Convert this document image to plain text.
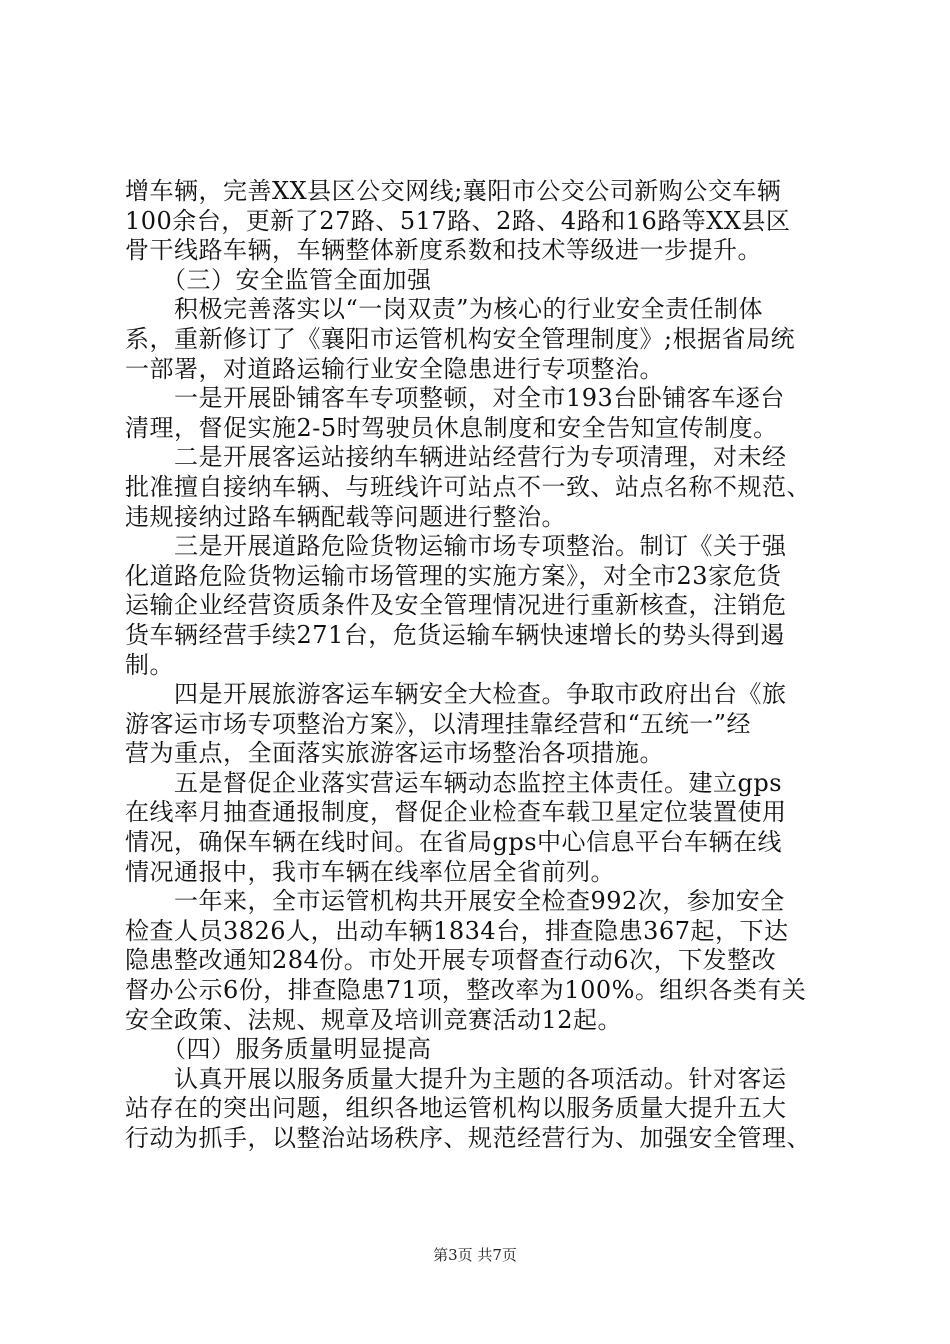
增车辆，完善XX县区公交网线;襄阳市公交公司新购公交车辆
100余台，更新了27路、517路、2路、4路和16路等XX县区
骨干线路车辆，车辆整体新度系数和技术等级进一步提升。
　　（三）安全监管全面加强
　　积极完善落实以“一岗双责”为核心的行业安全责任制体
系，重新修订了《襄阳市运管机构安全管理制度》;根据省局统
一部署，对道路运输行业安全隐患进行专项整治。
　　一是开展卧铺客车专项整顿，对全市193台卧铺客车逐台
清理，督促实施2-5时驾驶员休息制度和安全告知宣传制度。
　　二是开展客运站接纳车辆进站经营行为专项清理，对未经
批准擅自接纳车辆、与班线许可站点不一致、站点名称不规范、
违规接纳过路车辆配载等问题进行整治。
　　三是开展道路危险货物运输市场专项整治。制订《关于强
化道路危险货物运输市场管理的实施方案》，对全市23家危货
运输企业经营资质条件及安全管理情况进行重新核查，注销危
货车辆经营手续271台，危货运输车辆快速增长的势头得到遏
制。
　　四是开展旅游客运车辆安全大检查。争取市政府出台《旅
游客运市场专项整治方案》，以清理挂靠经营和“五统一”经
营为重点，全面落实旅游客运市场整治各项措施。
　　五是督促企业落实营运车辆动态监控主体责任。建立gps
在线率月抽查通报制度，督促企业检查车载卫星定位装置使用
情况，确保车辆在线时间。在省局gps中心信息平台车辆在线
情况通报中，我市车辆在线率位居全省前列。
　　一年来，全市运管机构共开展安全检查992次，参加安全
检查人员3826人，出动车辆1834台，排查隐患367起，下达
隐患整改通知284份。市处开展专项督查行动6次，下发整改
督办公示6份，排查隐患71项，整改率为100%。组织各类有关
安全政策、法规、规章及培训竞赛活动12起。
　　（四）服务质量明显提高
　　认真开展以服务质量大提升为主题的各项活动。针对客运
站存在的突出问题，组织各地运管机构以服务质量大提升五大
行动为抓手，以整治站场秩序、规范经营行为、加强安全管理、
第3页 共7页
